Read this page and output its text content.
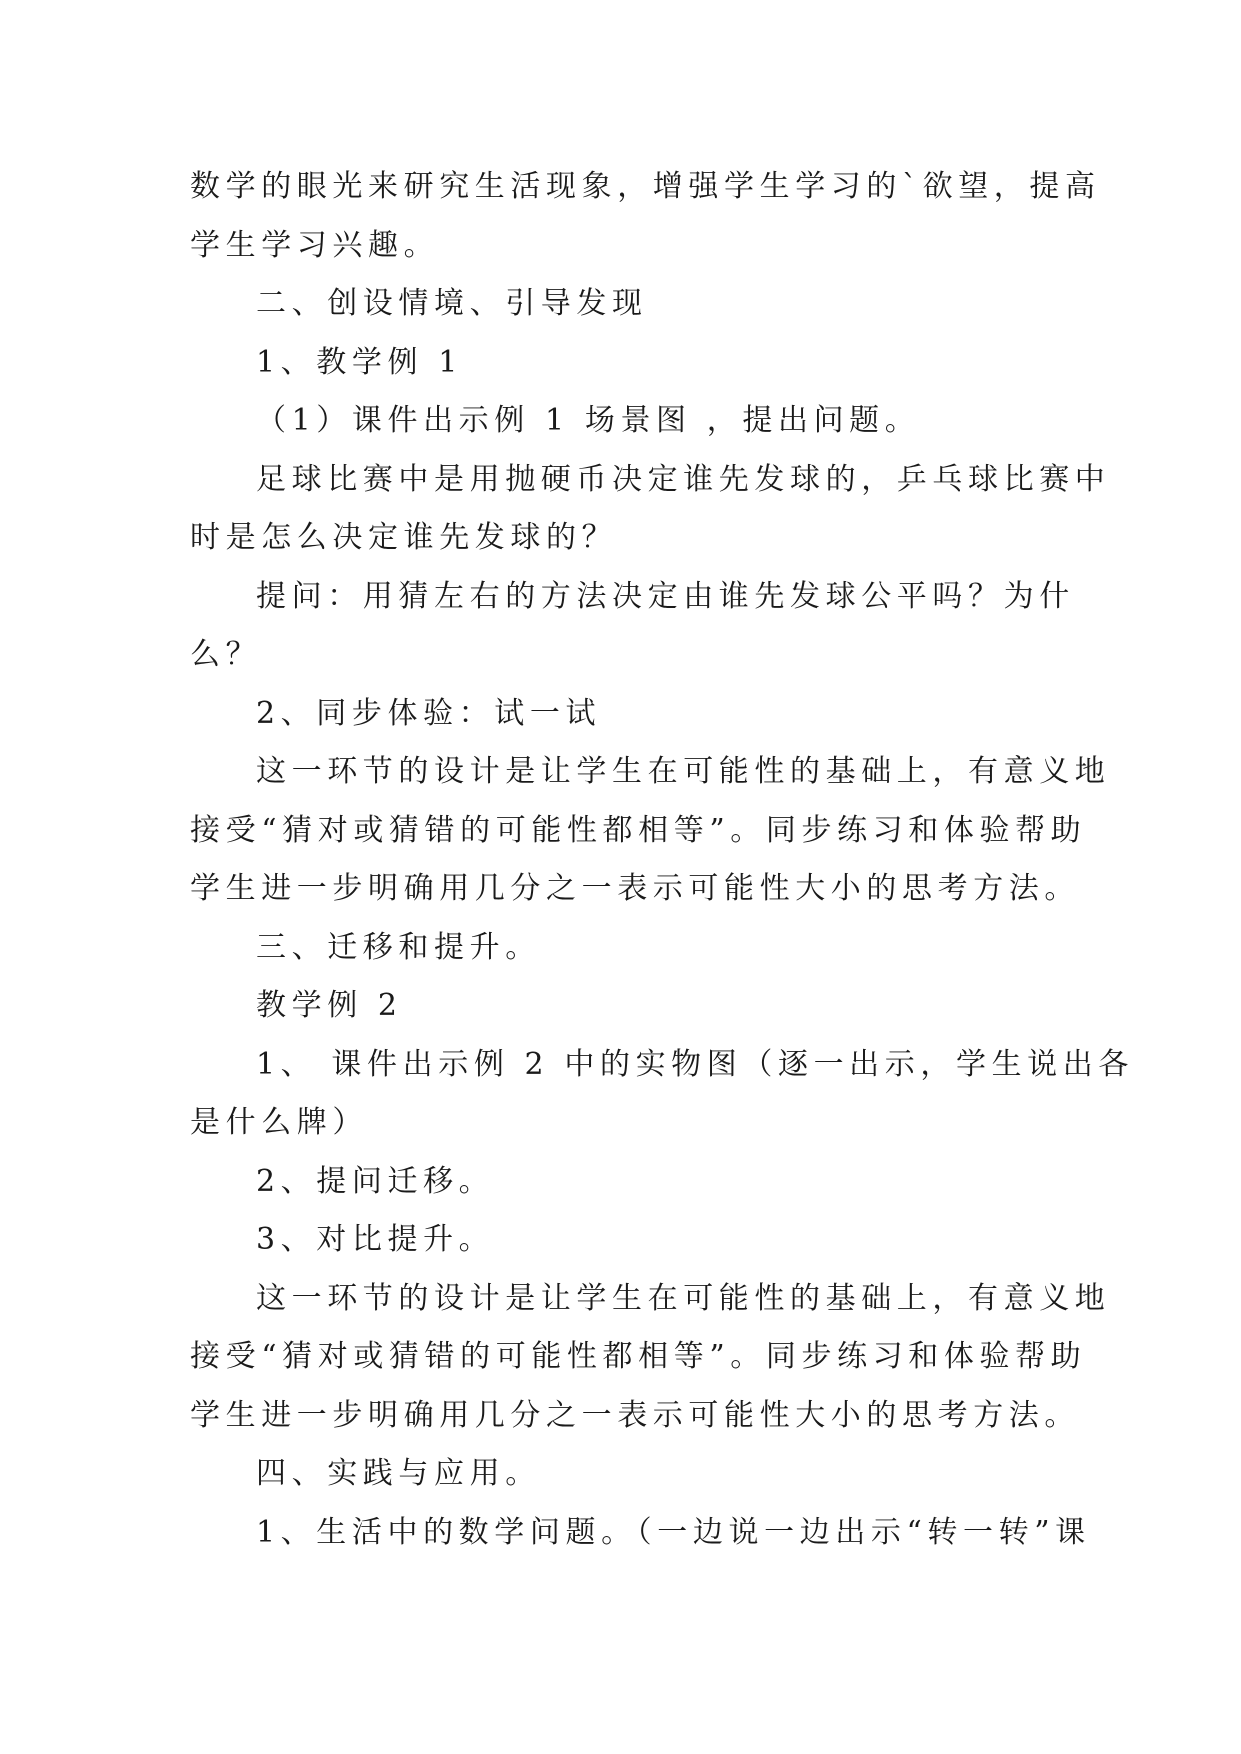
数学的眼光来研究生活现象，增强学生学习的`欲望，提高

学生学习兴趣。

二、创设情境、引导发现

1、教学例 1

（1）课件出示例 1 场景图 ，提出问题。

足球比赛中是用抛硬币决定谁先发球的，乒乓球比赛中

时是怎么决定谁先发球的？

提问：用猜左右的方法决定由谁先发球公平吗？为什

么？

2、同步体验：试一试

这一环节的设计是让学生在可能性的基础上，有意义地

接受“猜对或猜错的可能性都相等”。同步练习和体验帮助

学生进一步明确用几分之一表示可能性大小的思考方法。

三、迁移和提升。

教学例 2

1、 课件出示例 2 中的实物图（逐一出示，学生说出各

是什么牌）

2、提问迁移。

3、对比提升。

这一环节的设计是让学生在可能性的基础上，有意义地

接受“猜对或猜错的可能性都相等”。同步练习和体验帮助

学生进一步明确用几分之一表示可能性大小的思考方法。

四、实践与应用。

1、生活中的数学问题。（一边说一边出示“转一转”课
